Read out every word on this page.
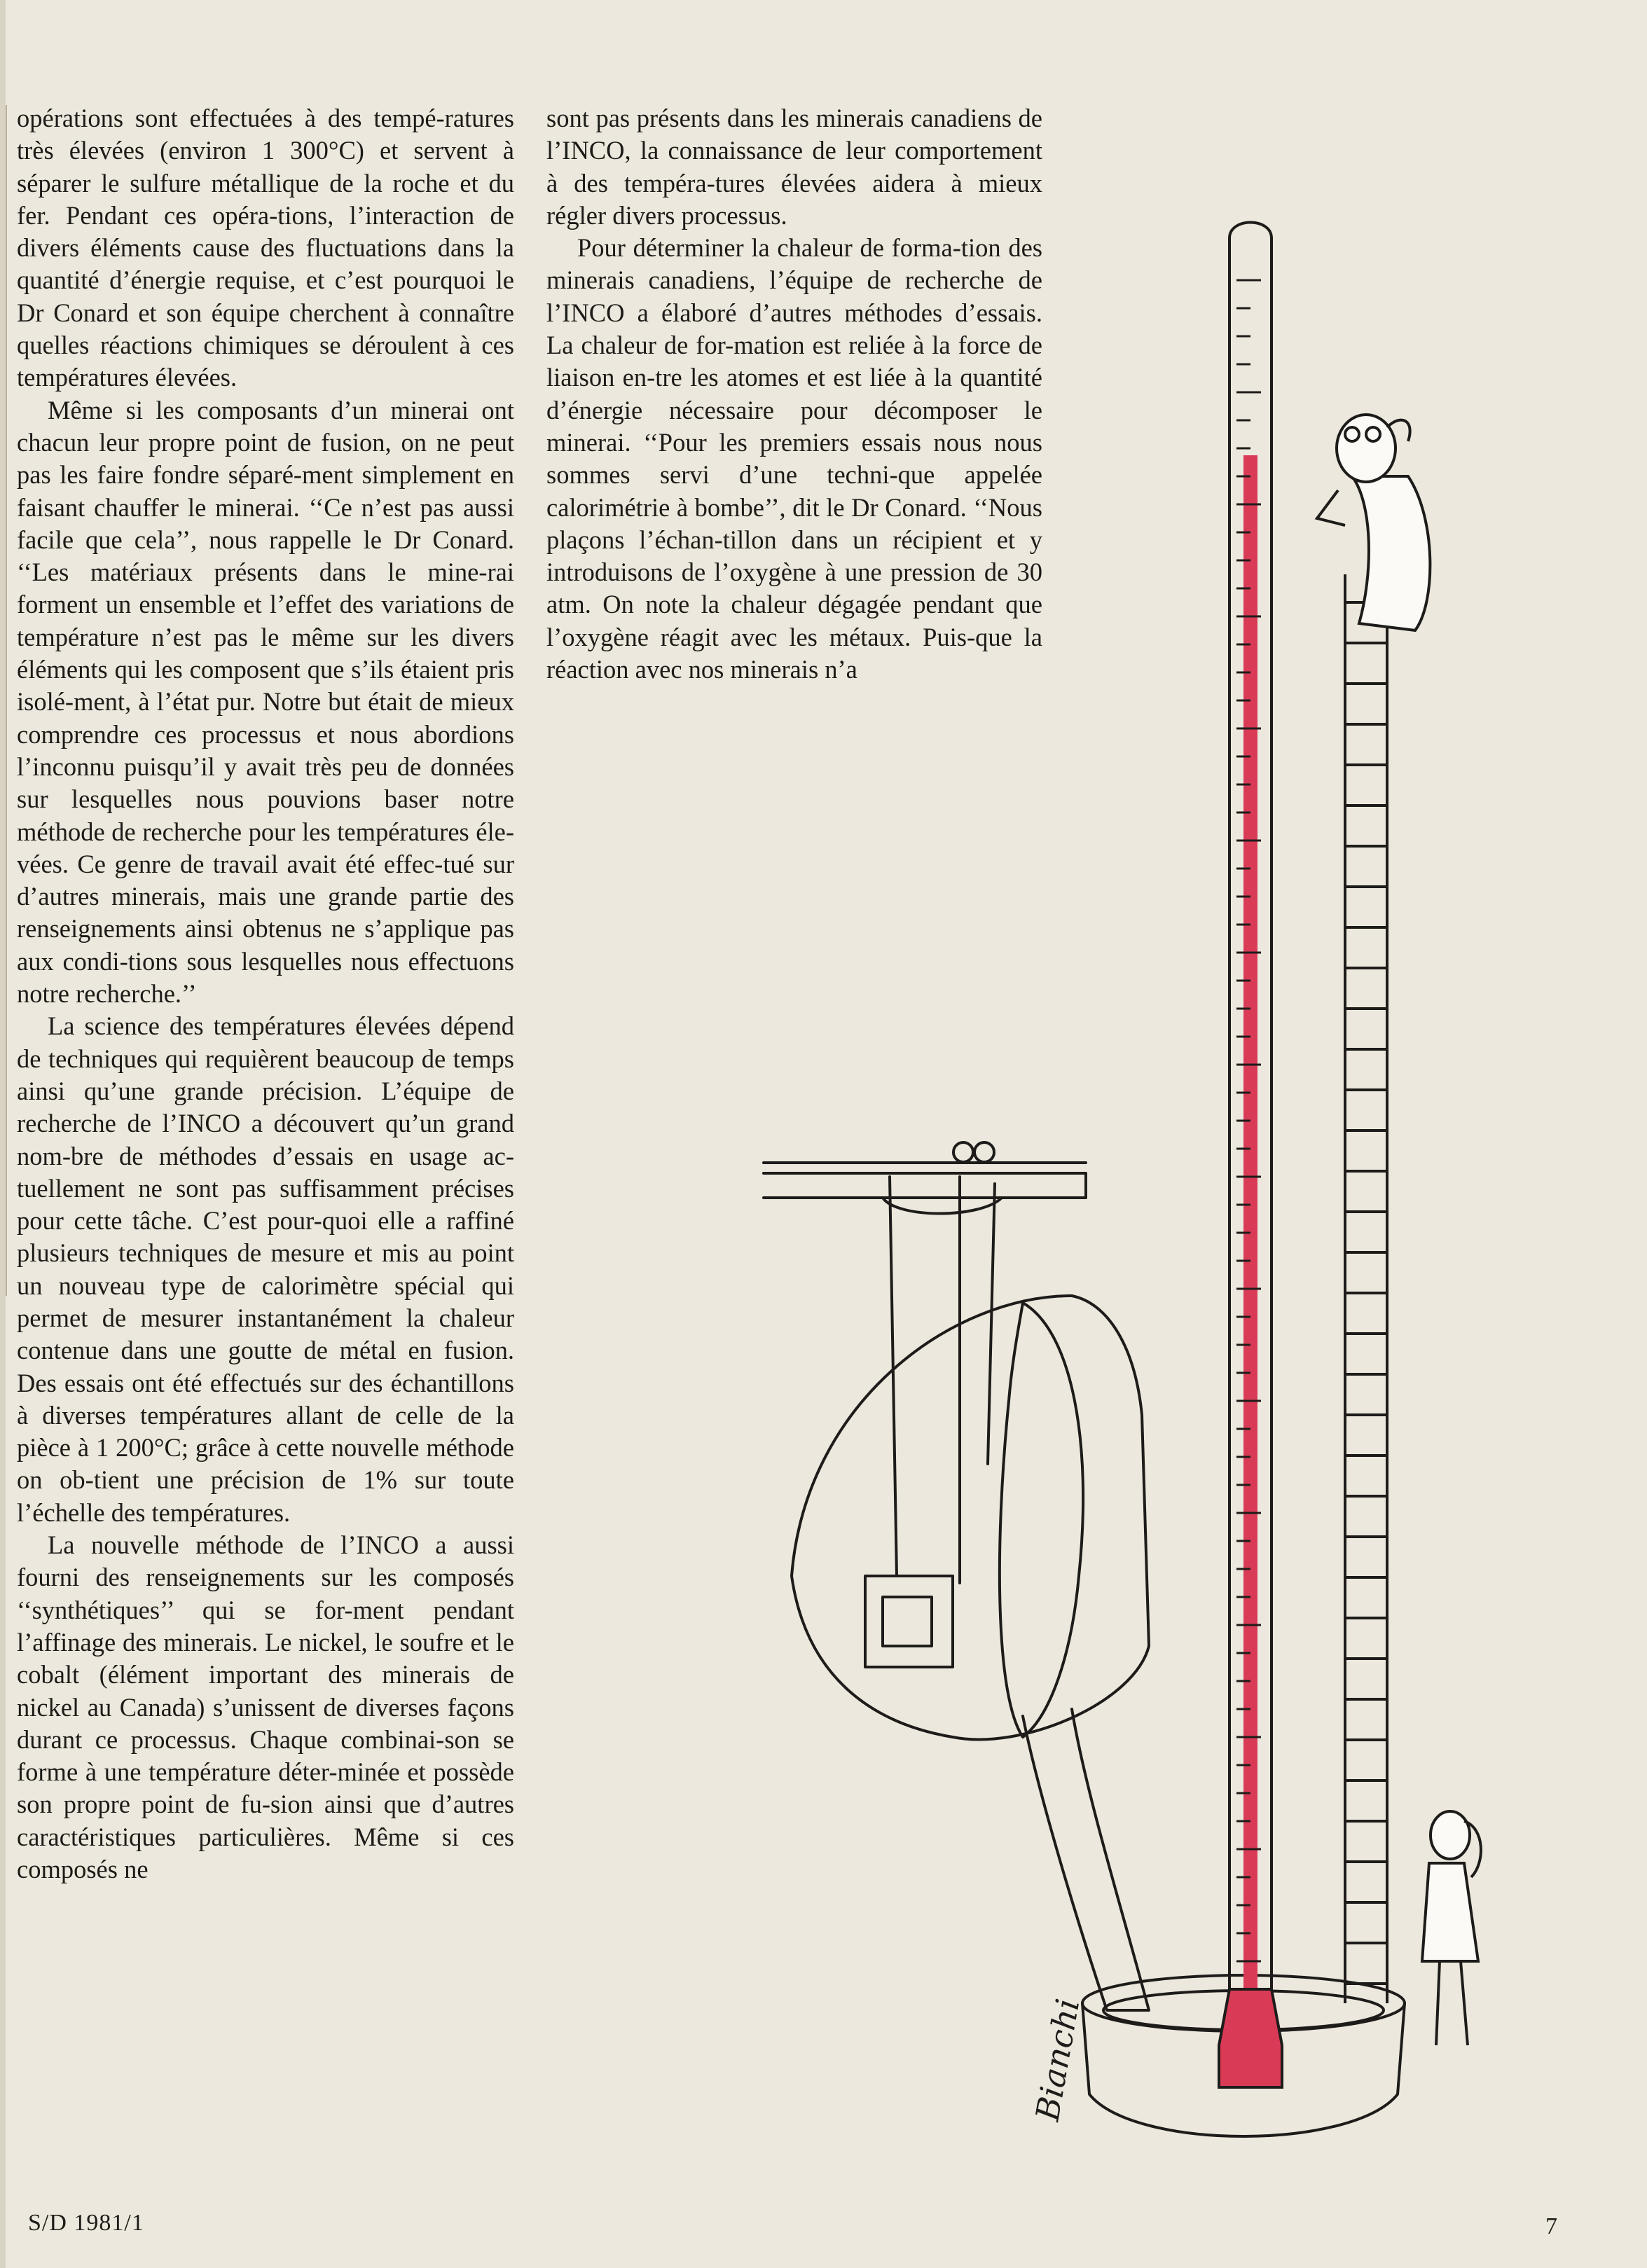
opérations sont effectuées à des tempé-ratures très élevées (environ 1 300°C) et servent à séparer le sulfure métallique de la roche et du fer. Pendant ces opéra-tions, l’interaction de divers éléments cause des fluctuations dans la quantité d’énergie requise, et c’est pourquoi le Dr Conard et son équipe cherchent à connaître quelles réactions chimiques se déroulent à ces températures élevées.

Même si les composants d’un minerai ont chacun leur propre point de fusion, on ne peut pas les faire fondre séparé-ment simplement en faisant chauffer le minerai. ‘‘Ce n’est pas aussi facile que cela’’, nous rappelle le Dr Conard. ‘‘Les matériaux présents dans le mine-rai forment un ensemble et l’effet des variations de température n’est pas le même sur les divers éléments qui les composent que s’ils étaient pris isolé-ment, à l’état pur. Notre but était de mieux comprendre ces processus et nous abordions l’inconnu puisqu’il y avait très peu de données sur lesquelles nous pouvions baser notre méthode de recherche pour les températures éle-vées. Ce genre de travail avait été effec-tué sur d’autres minerais, mais une grande partie des renseignements ainsi obtenus ne s’applique pas aux condi-tions sous lesquelles nous effectuons notre recherche.’’

La science des températures élevées dépend de techniques qui requièrent beaucoup de temps ainsi qu’une grande précision. L’équipe de recherche de l’INCO a découvert qu’un grand nom-bre de méthodes d’essais en usage ac-tuellement ne sont pas suffisamment précises pour cette tâche. C’est pour-quoi elle a raffiné plusieurs techniques de mesure et mis au point un nouveau type de calorimètre spécial qui permet de mesurer instantanément la chaleur contenue dans une goutte de métal en fusion. Des essais ont été effectués sur des échantillons à diverses températures allant de celle de la pièce à 1 200°C; grâce à cette nouvelle méthode on ob-tient une précision de 1% sur toute l’échelle des températures.

La nouvelle méthode de l’INCO a aussi fourni des renseignements sur les composés ‘‘synthétiques’’ qui se for-ment pendant l’affinage des minerais. Le nickel, le soufre et le cobalt (élément important des minerais de nickel au Canada) s’unissent de diverses façons durant ce processus. Chaque combinai-son se forme à une température déter-minée et possède son propre point de fu-sion ainsi que d’autres caractéristiques particulières. Même si ces composés ne

sont pas présents dans les minerais canadiens de l’INCO, la connaissance de leur comportement à des tempéra-tures élevées aidera à mieux régler divers processus.

Pour déterminer la chaleur de forma-tion des minerais canadiens, l’équipe de recherche de l’INCO a élaboré d’autres méthodes d’essais. La chaleur de for-mation est reliée à la force de liaison en-tre les atomes et est liée à la quantité d’énergie nécessaire pour décomposer le minerai. ‘‘Pour les premiers essais nous nous sommes servi d’une techni-que appelée calorimétrie à bombe’’, dit le Dr Conard. ‘‘Nous plaçons l’échan-tillon dans un récipient et y introduisons de l’oxygène à une pression de 30 atm. On note la chaleur dégagée pendant que l’oxygène réagit avec les métaux. Puis-que la réaction avec nos minerais n’a

Bianchi
S/D 1981/1	7
